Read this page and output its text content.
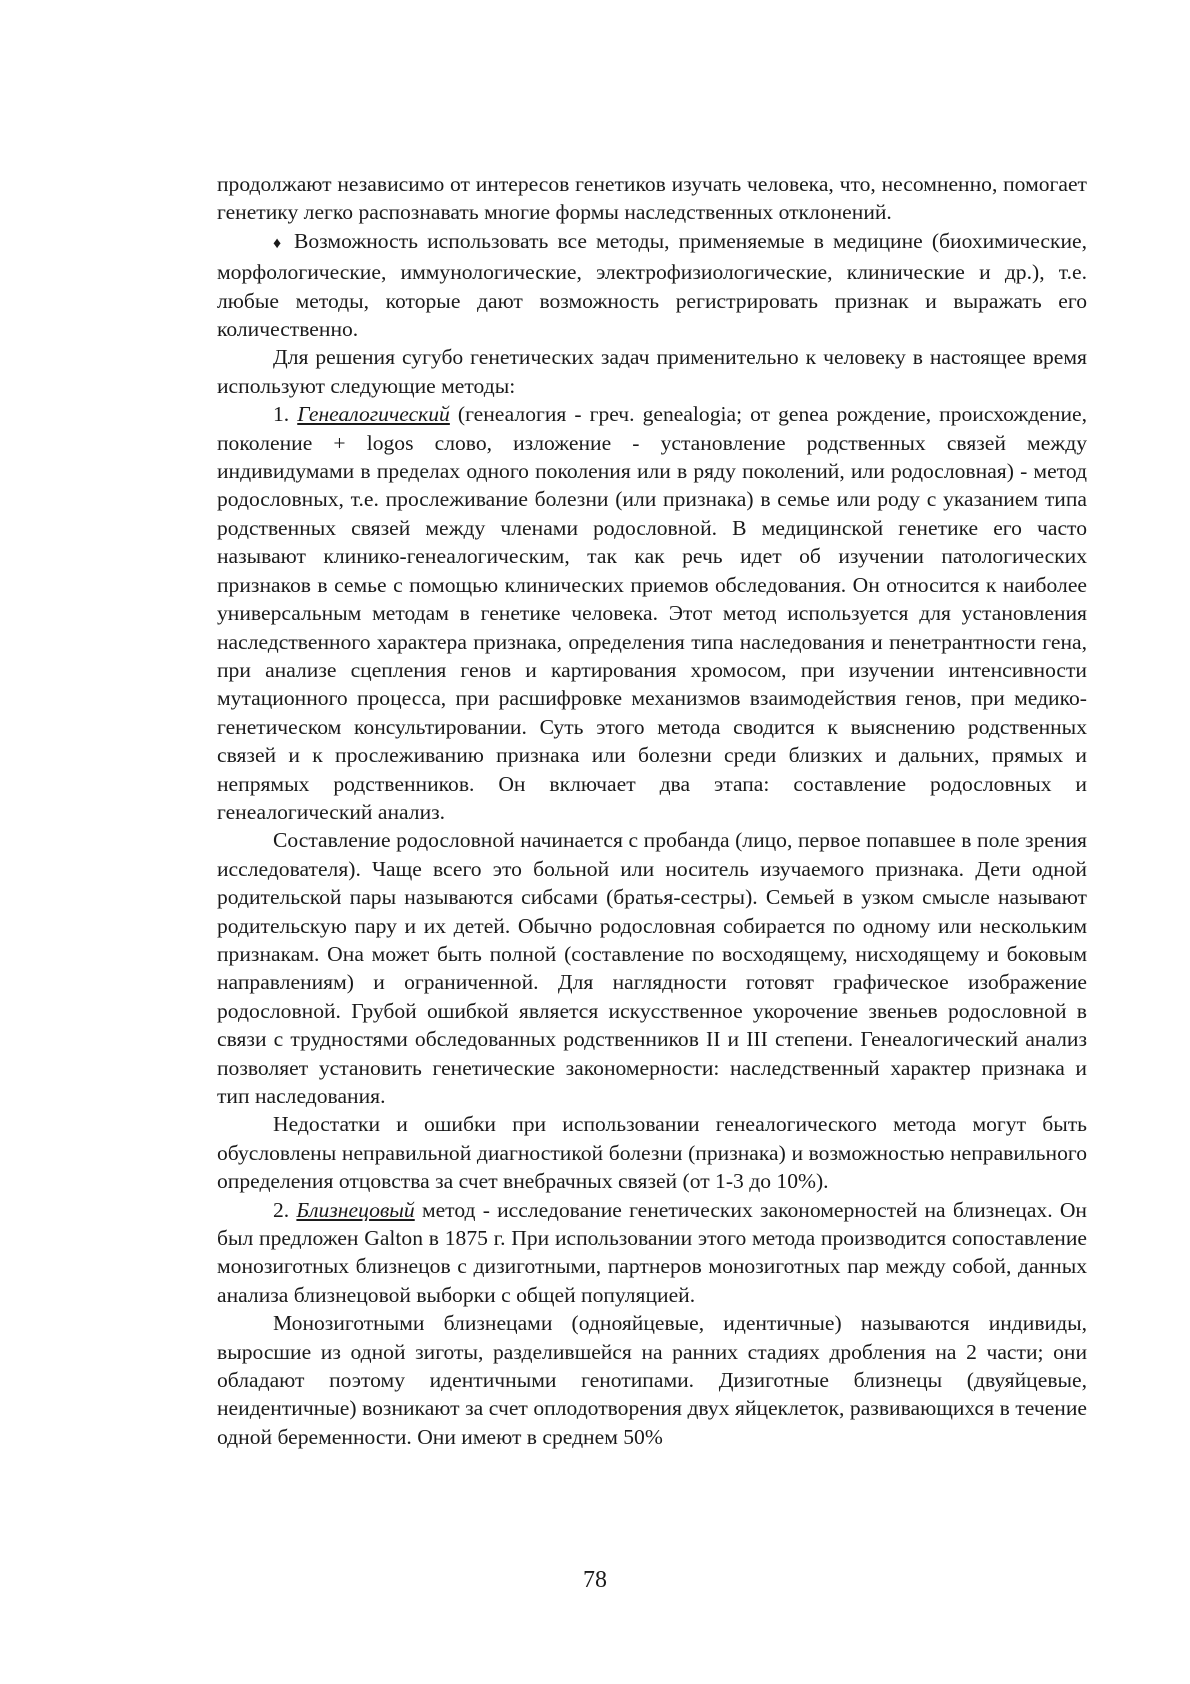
продолжают независимо от интересов генетиков изучать человека, что, несомненно, помогает генетику легко распознавать многие формы наследственных отклонений.

♦ Возможность использовать все методы, применяемые в медицине (биохимические, морфологические, иммунологические, электрофизиологические, клинические и др.), т.е. любые методы, которые дают возможность регистрировать признак и выражать его количественно.

Для решения сугубо генетических задач применительно к человеку в настоящее время используют следующие методы:

1. Генеалогический (генеалогия - греч. genealogia; от genea рождение, происхождение, поколение + logos слово, изложение - установление родственных связей между индивидумами в пределах одного поколения или в ряду поколений, или родословная) - метод родословных, т.е. прослеживание болезни (или признака) в семье или роду с указанием типа родственных связей между членами родословной. В медицинской генетике его часто называют клинико-генеалогическим, так как речь идет об изучении патологических признаков в семье с помощью клинических приемов обследования. Он относится к наиболее универсальным методам в генетике человека. Этот метод используется для установления наследственного характера признака, определения типа наследования и пенетрантности гена, при анализе сцепления генов и картирования хромосом, при изучении интенсивности мутационного процесса, при расшифровке механизмов взаимодействия генов, при медико-генетическом консультировании. Суть этого метода сводится к выяснению родственных связей и к прослеживанию признака или болезни среди близких и дальних, прямых и непрямых родственников. Он включает два этапа: составление родословных и генеалогический анализ.

Составление родословной начинается с пробанда (лицо, первое попавшее в поле зрения исследователя). Чаще всего это больной или носитель изучаемого признака. Дети одной родительской пары называются сибсами (братья-сестры). Семьей в узком смысле называют родительскую пару и их детей. Обычно родословная собирается по одному или нескольким признакам. Она может быть полной (составление по восходящему, нисходящему и боковым направлениям) и ограниченной. Для наглядности готовят графическое изображение родословной. Грубой ошибкой является искусственное укорочение звеньев родословной в связи с трудностями обследованных родственников II и III степени. Генеалогический анализ позволяет установить генетические закономерности: наследственный характер признака и тип наследования.

Недостатки и ошибки при использовании генеалогического метода могут быть обусловлены неправильной диагностикой болезни (признака) и возможностью неправильного определения отцовства за счет внебрачных связей (от 1-3 до 10%).

2. Близнецовый метод - исследование генетических закономерностей на близнецах. Он был предложен Galton в 1875 г. При использовании этого метода производится сопоставление монозиготных близнецов с дизиготными, партнеров монозиготных пар между собой, данных анализа близнецовой выборки с общей популяцией.

Монозиготными близнецами (однояйцевые, идентичные) называются индивиды, выросшие из одной зиготы, разделившейся на ранних стадиях дробления на 2 части; они обладают поэтому идентичными генотипами. Дизиготные близнецы (двуяйцевые, неидентичные) возникают за счет оплодотворения двух яйцеклеток, развивающихся в течение одной беременности. Они имеют в среднем 50%

78
